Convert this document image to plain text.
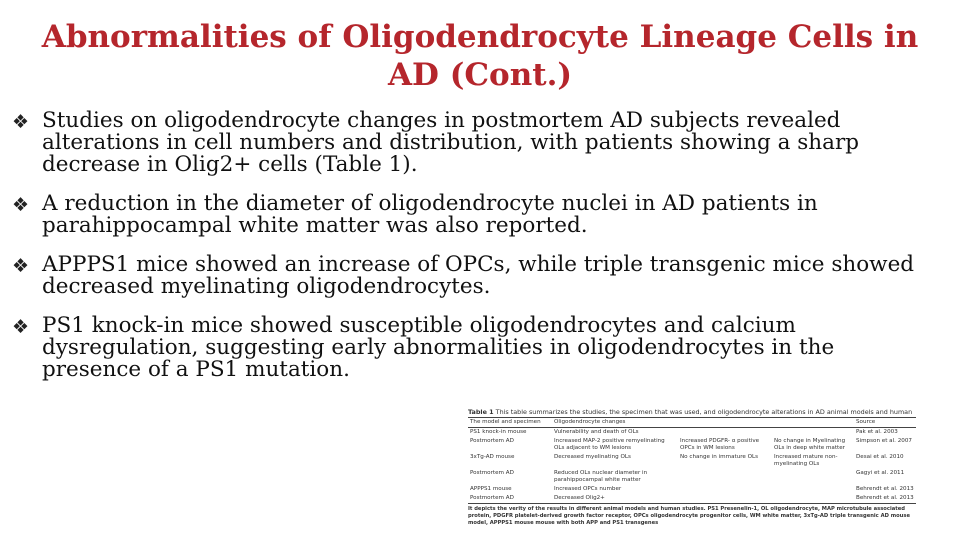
Abnormalities of Oligodendrocyte Lineage Cells in AD (Cont.)
❖ Studies on oligodendrocyte changes in postmortem AD subjects revealed alterations in cell numbers and distribution, with patients showing a sharp decrease in Olig2+ cells (Table 1).
❖ A reduction in the diameter of oligodendrocyte nuclei in AD patients in parahippocampal white matter was also reported.
❖ APPPS1 mice showed an increase of OPCs, while triple transgenic mice showed decreased myelinating oligodendrocytes.
❖ PS1 knock-in mice showed susceptible oligodendrocytes and calcium dysregulation, suggesting early abnormalities in oligodendrocytes in the presence of a PS1 mutation.
Table 1 This table summarizes the studies, the specimen that was used, and oligodendrocyte alterations in AD animal models and human
The model and specimen	Oligodendrocyte changes			Source
PS1 knock-in mouse	Vulnerability and death of OLs			Pak et al. 2003
Postmortem AD	Increased MAP-2 positive remyelinating OLs adjacent to WM lesions	Increased PDGFR- α positive OPCs in WM lesions	No change in Myelinating OLs in deep white matter	Simpson et al. 2007
3xTg-AD mouse	Decreased myelinating OLs	No change in immature OLs	Increased mature non-myelinating OLs	Desai et al. 2010
Postmortem AD	Reduced OLs nuclear diameter in parahippocampal white matter			Gagyi et al. 2011
APPPS1 mouse	Increased OPCs number			Behrendt et al. 2013
Postmortem AD	Decreased Olig2+			Behrendt et al. 2013
It depicts the verity of the results in different animal models and human studies. PS1 Presenelin-1, OL oligodendrocyte, MAP microtubule associated protein, PDGFR platelet-derived growth factor receptor, OPCs oligodendrocyte progenitor cells, WM white matter, 3xTg-AD triple transgenic AD mouse model, APPPS1 mouse mouse with both APP and PS1 transgenes
